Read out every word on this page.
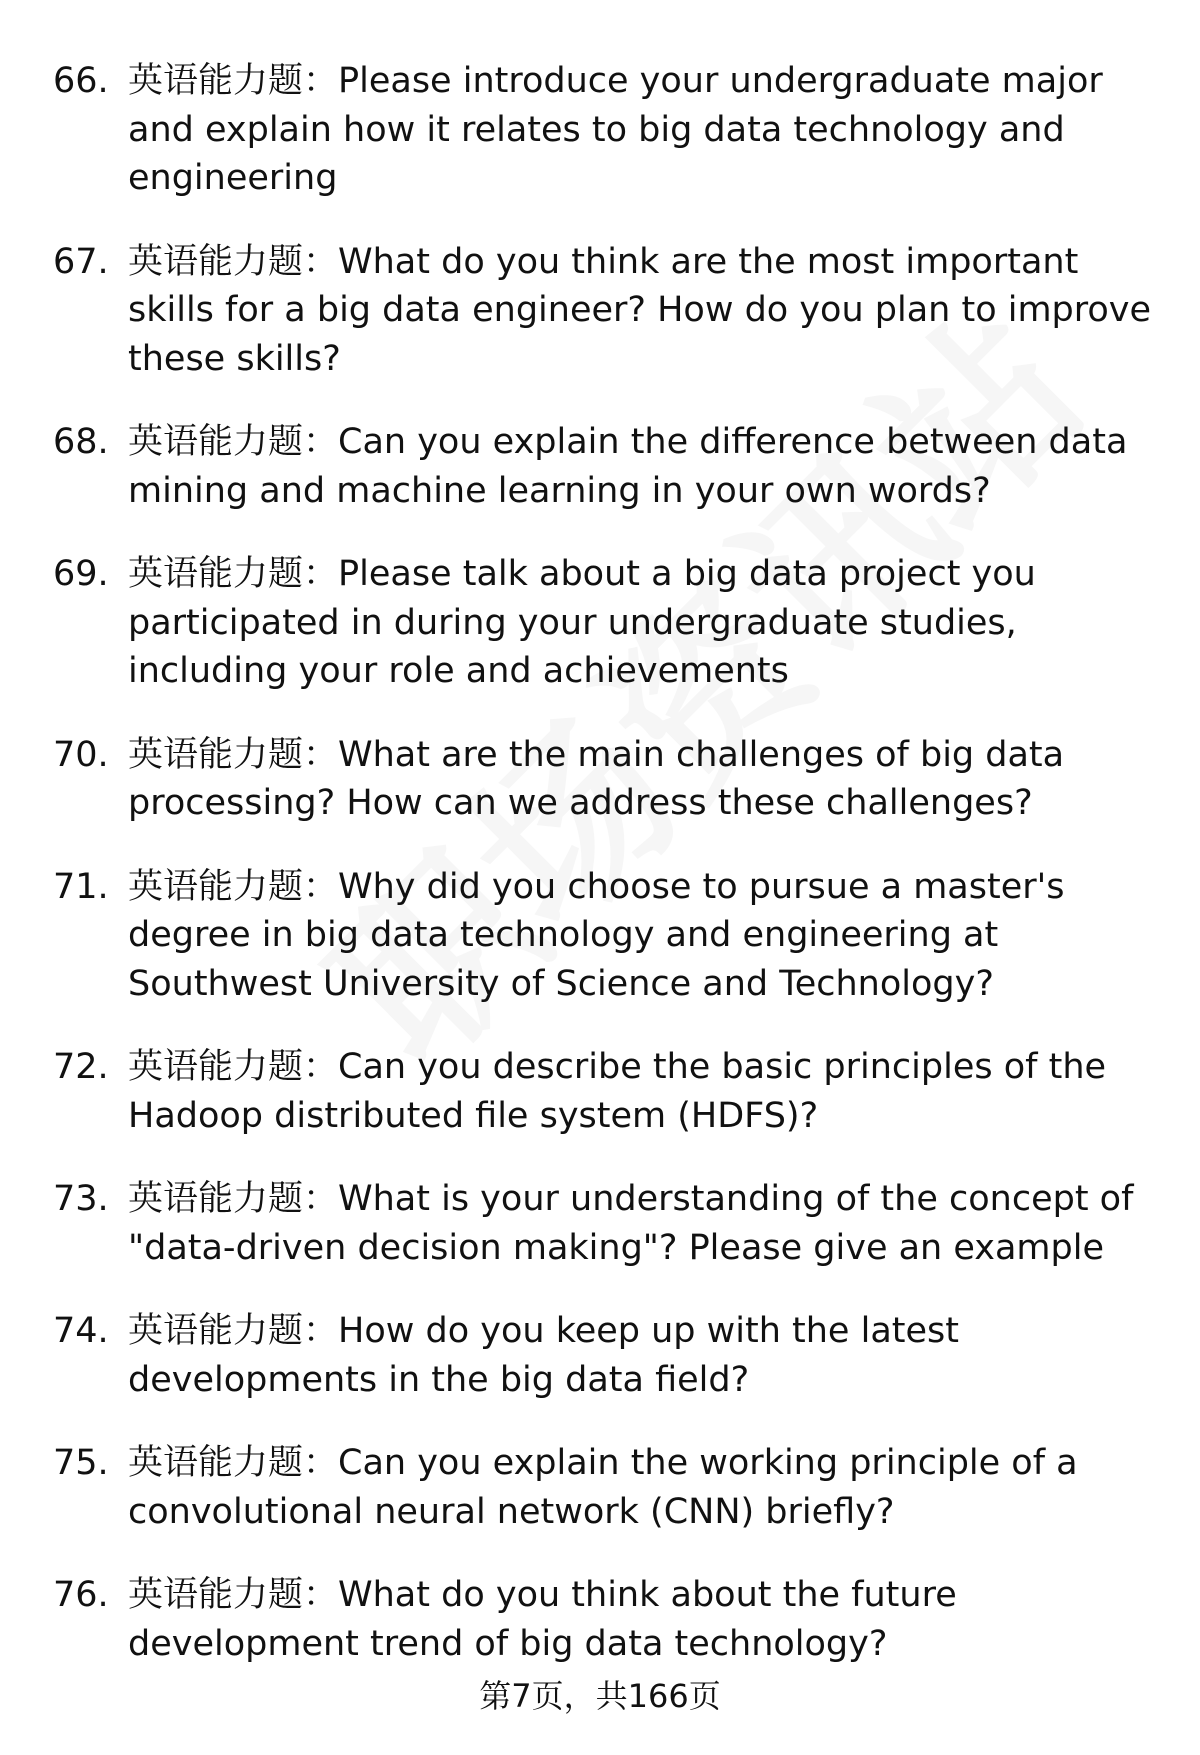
66. 英语能力题：Please introduce your undergraduate major and explain how it relates to big data technology and engineering
67. 英语能力题：What do you think are the most important skills for a big data engineer? How do you plan to improve these skills?
68. 英语能力题：Can you explain the difference between data mining and machine learning in your own words?
69. 英语能力题：Please talk about a big data project you participated in during your undergraduate studies, including your role and achievements
70. 英语能力题：What are the main challenges of big data processing? How can we address these challenges?
71. 英语能力题：Why did you choose to pursue a master's degree in big data technology and engineering at Southwest University of Science and Technology?
72. 英语能力题：Can you describe the basic principles of the Hadoop distributed file system (HDFS)?
73. 英语能力题：What is your understanding of the concept of "data-driven decision making"? Please give an example
74. 英语能力题：How do you keep up with the latest developments in the big data field?
75. 英语能力题：Can you explain the working principle of a convolutional neural network (CNN) briefly?
76. 英语能力题：What do you think about the future development trend of big data technology?
第7页，共166页
